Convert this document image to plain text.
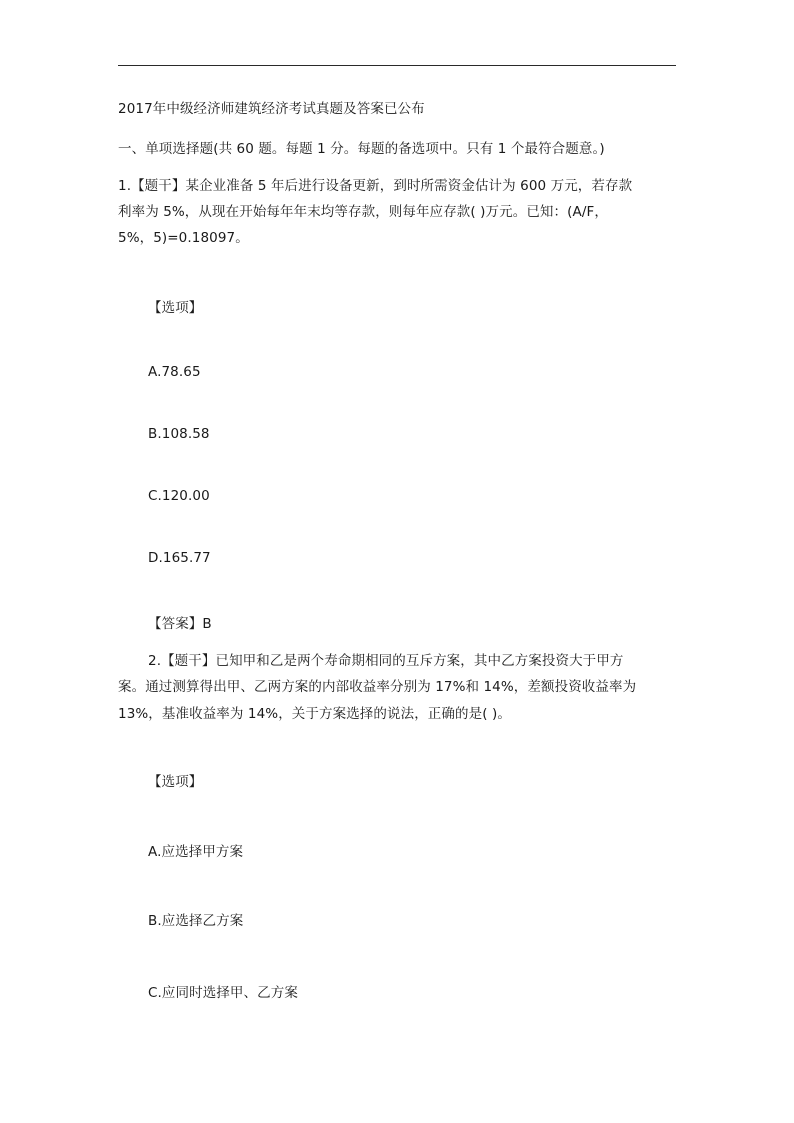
2017年中级经济师建筑经济考试真题及答案已公布
一、单项选择题(共 60 题。每题 1 分。每题的备选项中。只有 1 个最符合题意。)
1.【题干】某企业准备 5 年后进行设备更新，到时所需资金估计为 600 万元，若存款
利率为 5%，从现在开始每年年末均等存款，则每年应存款( )万元。已知：(A/F，
5%，5)=0.18097。
【选项】
A.78.65
B.108.58
C.120.00
D.165.77
【答案】B
2.【题干】已知甲和乙是两个寿命期相同的互斥方案，其中乙方案投资大于甲方
案。通过测算得出甲、乙两方案的内部收益率分别为 17%和 14%，差额投资收益率为
13%，基准收益率为 14%，关于方案选择的说法，正确的是( )。
【选项】
A.应选择甲方案
B.应选择乙方案
C.应同时选择甲、乙方案
